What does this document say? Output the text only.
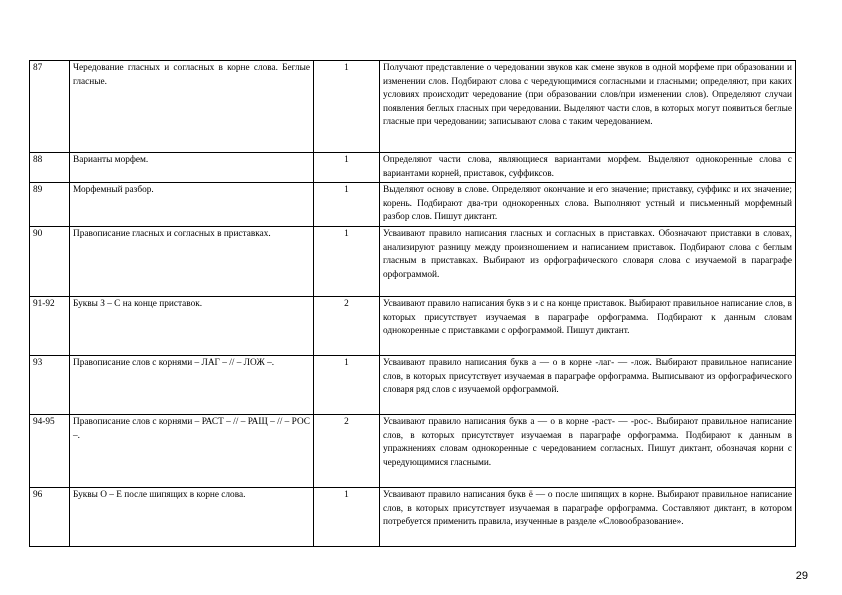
87	Чередование гласных и согласных в корне слова. Беглые гласные.	1	Получают представление о чередовании звуков как смене звуков в одной морфеме при образовании и изменении слов. Подбирают слова с чередующимися согласными и гласными; определяют, при каких условиях происходит чередование (при образовании слов/при изменении слов). Определяют случаи появления беглых гласных при чередовании. Выделяют части слов, в которых могут появиться беглые гласные при чередовании; записывают слова с таким чередованием.
88	Варианты морфем.	1	Определяют части слова, являющиеся вариантами морфем. Выделяют однокоренные слова с вариантами корней, приставок, суффиксов.
89	Морфемный разбор.	1	Выделяют основу в слове. Определяют окончание и его значение; приставку, суффикс и их значение; корень. Подбирают два-три однокоренных слова. Выполняют устный и письменный морфемный разбор слов. Пишут диктант.
90	Правописание гласных и согласных в приставках.	1	Усваивают правило написания гласных и согласных в приставках. Обозначают приставки в словах, анализируют разницу между произношением и написанием приставок. Подбирают слова с беглым гласным в приставках. Выбирают из орфографического словаря слова с изучаемой в параграфе орфограммой.
91-92	Буквы З – С на конце приставок.	2	Усваивают правило написания букв з и с на конце приставок. Выбирают правильное написание слов, в которых присутствует изучаемая в параграфе орфограмма. Подбирают к данным словам однокоренные с приставками с орфограммой. Пишут диктант.
93	Правописание слов с корнями – ЛАГ – // – ЛОЖ –.	1	Усваивают правило написания букв а — о в корне -лаг- — -лож. Выбирают правильное написание слов, в которых присутствует изучаемая в параграфе орфограмма. Выписывают из орфографического словаря ряд слов с изучаемой орфограммой.
94-95	Правописание слов с корнями – РАСТ – // – РАЩ – // – РОС –.	2	Усваивают правило написания букв а — о в корне -раст- — -рос-. Выбирают правильное написание слов, в которых присутствует изучаемая в параграфе орфограмма. Подбирают к данным в упражнениях словам однокоренные с чередованием согласных. Пишут диктант, обозначая корни с чередующимися гласными.
96	Буквы О – Е после шипящих в корне слова.	1	Усваивают правило написания букв ё — о после шипящих в корне. Выбирают правильное написание слов, в которых присутствует изучаемая в параграфе орфограмма. Составляют диктант, в котором потребуется применить правила, изученные в разделе «Словообразование».
29
